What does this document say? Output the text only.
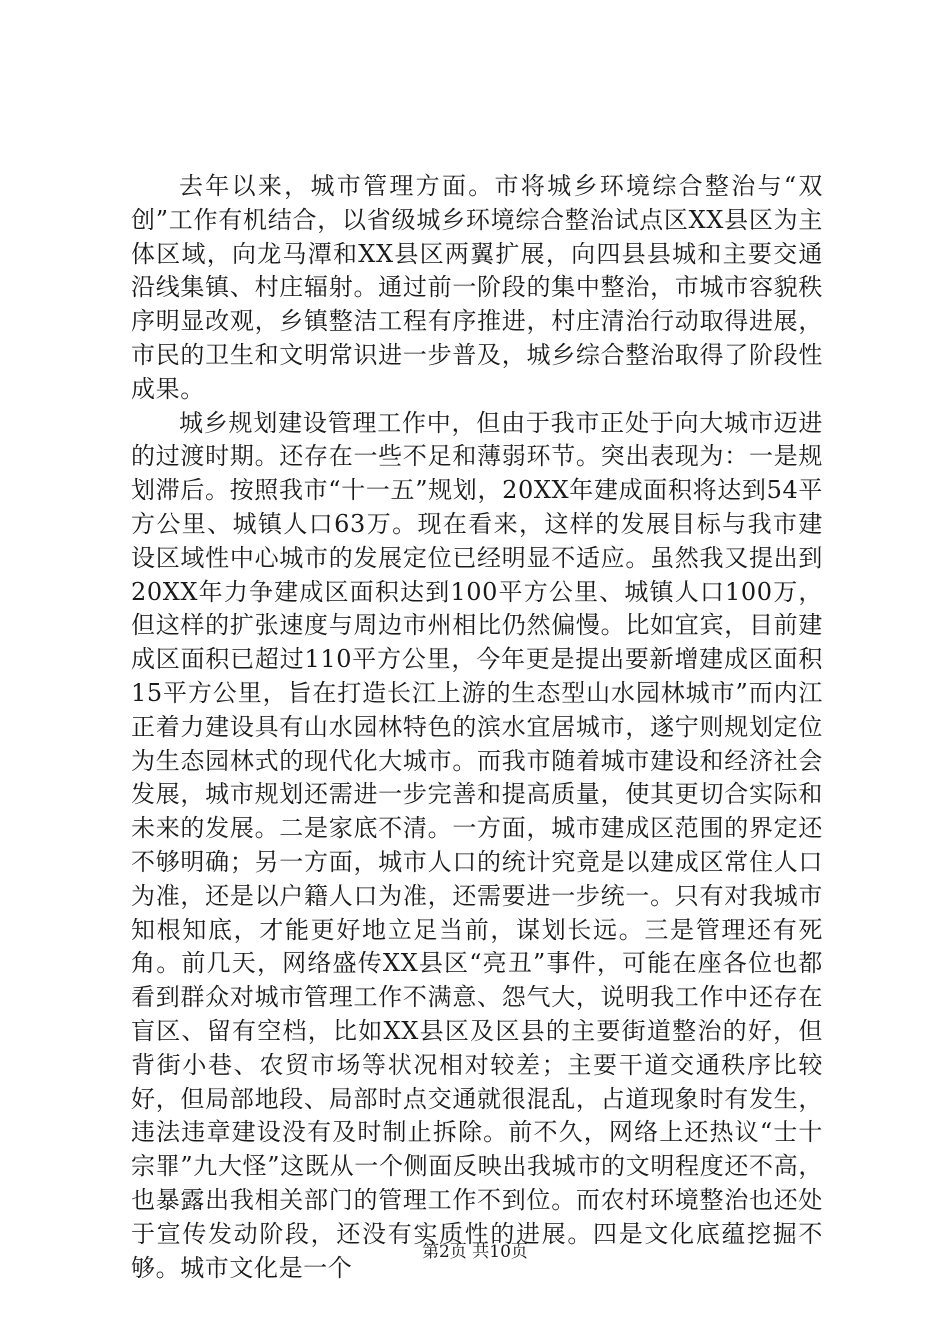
去年以来，城市管理方面。市将城乡环境综合整治与“双创”工作有机结合，以省级城乡环境综合整治试点区XX县区为主体区域，向龙马潭和XX县区两翼扩展，向四县县城和主要交通沿线集镇、村庄辐射。通过前一阶段的集中整治，市城市容貌秩序明显改观，乡镇整洁工程有序推进，村庄清治行动取得进展，市民的卫生和文明常识进一步普及，城乡综合整治取得了阶段性成果。

城乡规划建设管理工作中，但由于我市正处于向大城市迈进的过渡时期。还存在一些不足和薄弱环节。突出表现为：一是规划滞后。按照我市“十一五”规划，20XX年建成面积将达到54平方公里、城镇人口63万。现在看来，这样的发展目标与我市建设区域性中心城市的发展定位已经明显不适应。虽然我又提出到20XX年力争建成区面积达到100平方公里、城镇人口100万，但这样的扩张速度与周边市州相比仍然偏慢。比如宜宾，目前建成区面积已超过110平方公里，今年更是提出要新增建成区面积15平方公里，旨在打造长江上游的生态型山水园林城市”而内江正着力建设具有山水园林特色的滨水宜居城市，遂宁则规划定位为生态园林式的现代化大城市。而我市随着城市建设和经济社会发展，城市规划还需进一步完善和提高质量，使其更切合实际和未来的发展。二是家底不清。一方面，城市建成区范围的界定还不够明确；另一方面，城市人口的统计究竟是以建成区常住人口为准，还是以户籍人口为准，还需要进一步统一。只有对我城市知根知底，才能更好地立足当前，谋划长远。三是管理还有死角。前几天，网络盛传XX县区“亮丑”事件，可能在座各位也都看到群众对城市管理工作不满意、怨气大，说明我工作中还存在盲区、留有空档，比如XX县区及区县的主要街道整治的好，但背街小巷、农贸市场等状况相对较差；主要干道交通秩序比较好，但局部地段、局部时点交通就很混乱，占道现象时有发生，违法违章建设没有及时制止拆除。前不久，网络上还热议“士十宗罪”九大怪”这既从一个侧面反映出我城市的文明程度还不高，也暴露出我相关部门的管理工作不到位。而农村环境整治也还处于宣传发动阶段，还没有实质性的进展。四是文化底蕴挖掘不够。城市文化是一个

第2页 共10页
